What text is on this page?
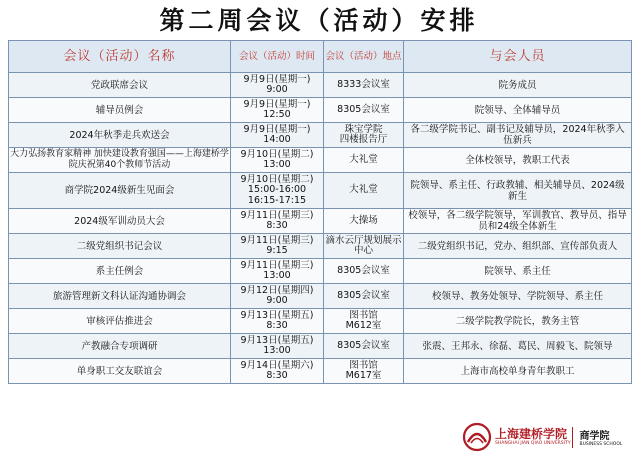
第二周会议（活动）安排
会议（活动）名称	会议（活动）时间	会议（活动）地点	与会人员
党政联席会议	9月9日(星期一)
9:00	8333会议室	院务成员
辅导员例会	9月9日(星期一)
12:50	8305会议室	院领导、全体辅导员
2024年秋季走兵欢送会	9月9日(星期一)
14:00	珠宝学院
四楼报告厅	各二级学院书记、副书记及辅导员，2024年秋季入伍新兵
大力弘扬教育家精神 加快建设教育强国——上海建桥学院庆祝第40个教师节活动	9月10日(星期二)
13:00	大礼堂	全体校领导，教职工代表
商学院2024级新生见面会	9月10日(星期二)
15:00-16:00
16:15-17:15	大礼堂	院领导、系主任、行政教辅、相关辅导员、2024级新生
2024级军训动员大会	9月11日(星期三)
8:30	大操场	校领导，各二级学院领导，军训教官、教导员、指导员和24级全体新生
二级党组织书记会议	9月11日(星期三)
9:15	滴水云厅规划展示中心	二级党组织书记，党办、组织部、宣传部负责人
系主任例会	9月11日(星期三)
13:00	8305会议室	院领导、系主任
旅游管理新文科认证沟通协调会	9月12日(星期四)
9:00	8305会议室	校领导、教务处领导、学院领导、系主任
审核评估推进会	9月13日(星期五)
8:30	图书馆
M612室	二级学院教学院长，教务主管
产教融合专项调研	9月13日(星期五)
13:00	8305会议室	张震、王邦永、徐磊、葛民、周毅飞、院领导
单身职工交友联谊会	9月14日(星期六)
8:30	图书馆
M617室	上海市高校单身青年教职工
上海建桥学院
SHANGHAI JIAN QIAO UNIVERSITY
商学院
BUSINESS SCHOOL
